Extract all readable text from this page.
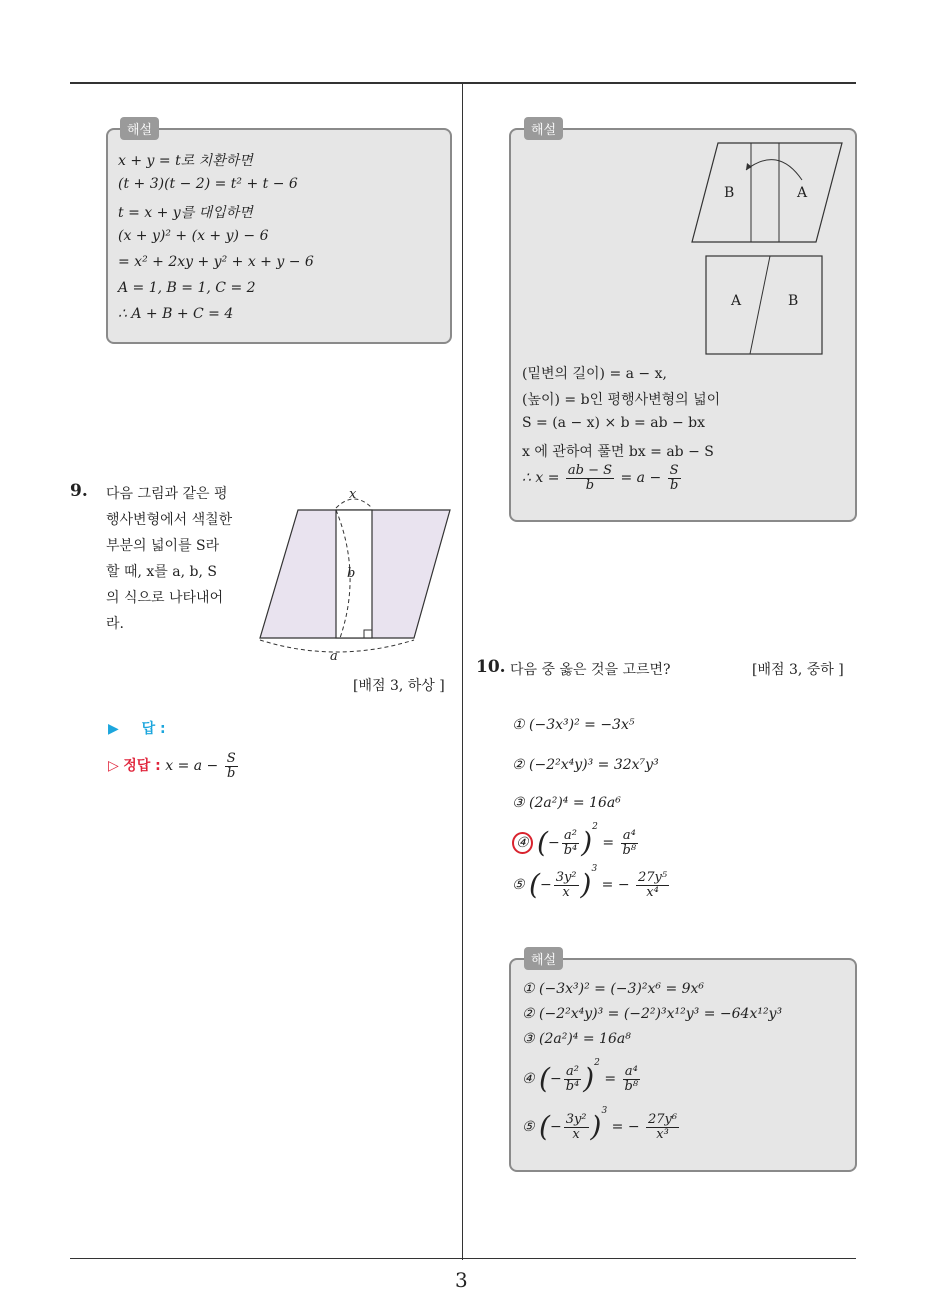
3
해설
x + y = t로 치환하면
(t + 3)(t − 2) = t² + t − 6
t = x + y를 대입하면
(x + y)² + (x + y) − 6
= x² + 2xy + y² + x + y − 6
A = 1, B = 1, C = 2
∴ A + B + C = 4
9. 다음 그림과 같은 평
행사변형에서 색칠한
부분의 넓이를 S라
할 때, x를 a, b, S
의 식으로 나타내어
라.
x
b
a
[배점 3, 하상 ]
▶ 답 :
▷ 정답 : $x = a - \frac{S}{b}$
해설
B	A
A	B
(밑변의 길이) = a − x,
(높이) = b인 평행사변형의 넓이
S = (a − x) × b = ab − bx
x 에 관하여 풀면 bx = ab − S
∴ $x = \frac{ab - S}{b} = a - \frac{S}{b}$
10. 다음 중 옳은 것을 고르면?	[배점 3, 중하 ]
① (−3x³)² = −3x⁵
② (−2²x⁴y)³ = 32x⁷y³
③ (2a²)⁴ = 16a⁶
④ (− $\frac{\text{a²}}{\text{b⁴}} )^2 = \frac{\text{a⁴}}{\text{b⁸}}$
⑤ (− $\frac{\text{3y²}}{x} )^3$ = − $\frac{\text{27y⁵}}{\text{x⁴}}$
해설
① (−3x³)² = (−3)²x⁶ = 9x⁶
② (−2²x⁴y)³ = (−2²)³x¹²y³ = −64x¹²y³
③ (2a²)⁴ = 16a⁸
④ (− $\frac{\text{a²}}{\text{b⁴}} )^2 = \frac{\text{a⁴}}{\text{b⁸}}$
⑤ (− $\frac{\text{3y²}}{x} )^3$ = − $\frac{\text{27y⁶}}{\text{x³}}$
